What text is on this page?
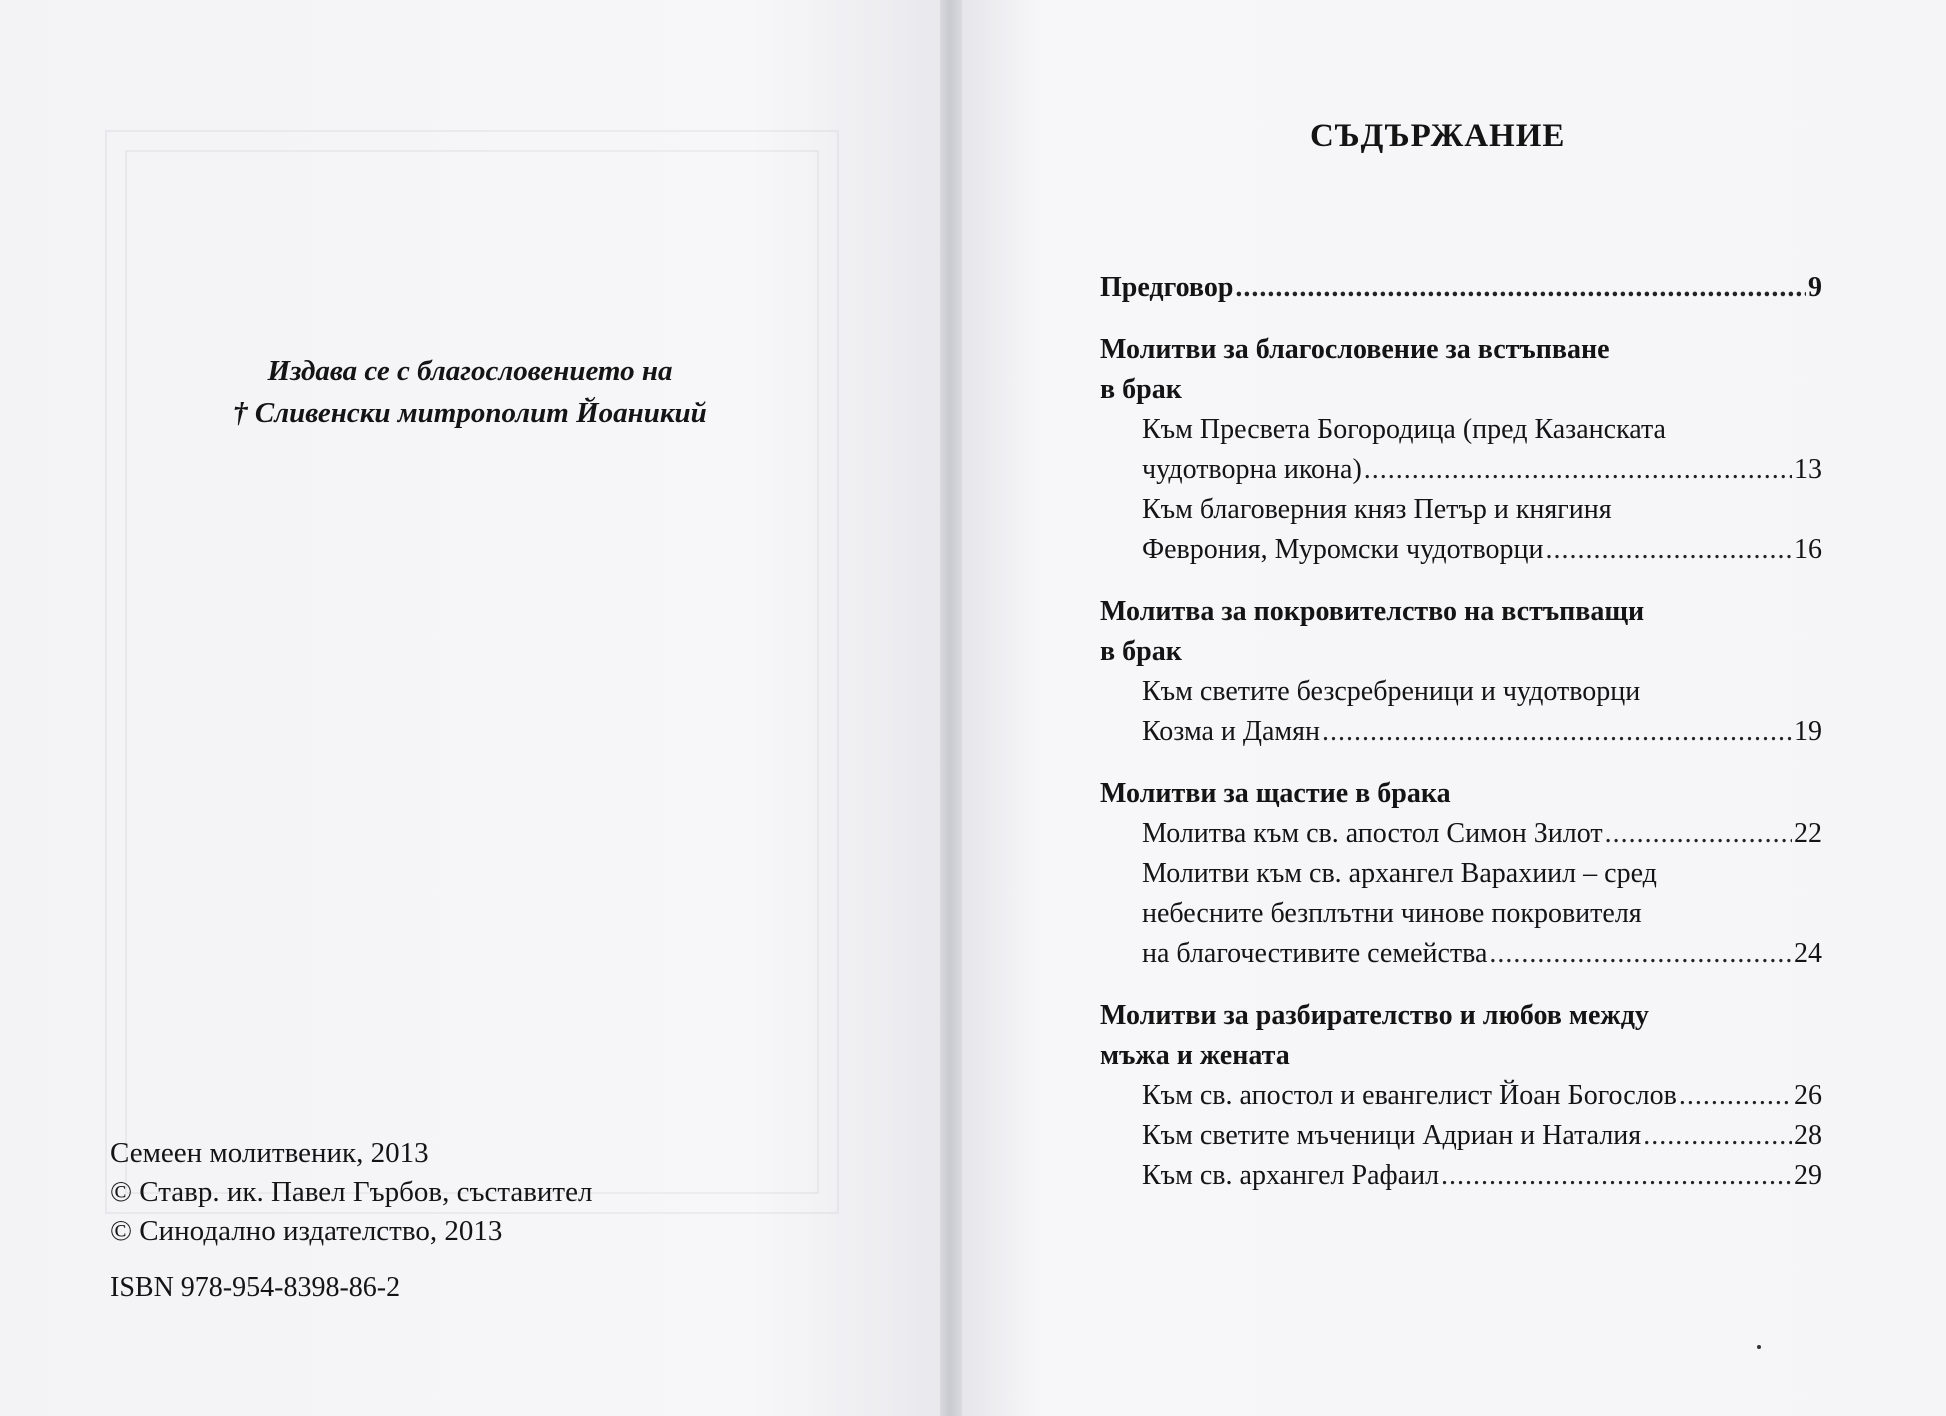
Издава се с благословението на
† Сливенски митрополит Йоаникий
Семеен молитвеник, 2013
© Ставр. ик. Павел Гърбов, съставител
© Синодално издателство, 2013
ISBN 978-954-8398-86-2
СЪДЪРЖАНИЕ
Предговор .....	9
Молитви за благословение за встъпване
в брак
Към Пресвета Богородица (пред Казанската
чудотворна икона) .....	13
Към благоверния княз Петър и княгиня
Феврония, Муромски чудотворци .....	16
Молитва за покровителство на встъпващи
в брак
Към светите безсребреници и чудотворци
Козма и Дамян .....	19
Молитви за щастие в брака
Молитва към св. апостол Симон Зилот .....	22
Молитви към св. архангел Варахиил – сред
небесните безплътни чинове покровителя
на благочестивите семейства .....	24
Молитви за разбирателство и любов между
мъжа и жената
Към св. апостол и евангелист Йоан Богослов .....	26
Към светите мъченици Адриан и Наталия .....	28
Към св. архангел Рафаил .....	29
